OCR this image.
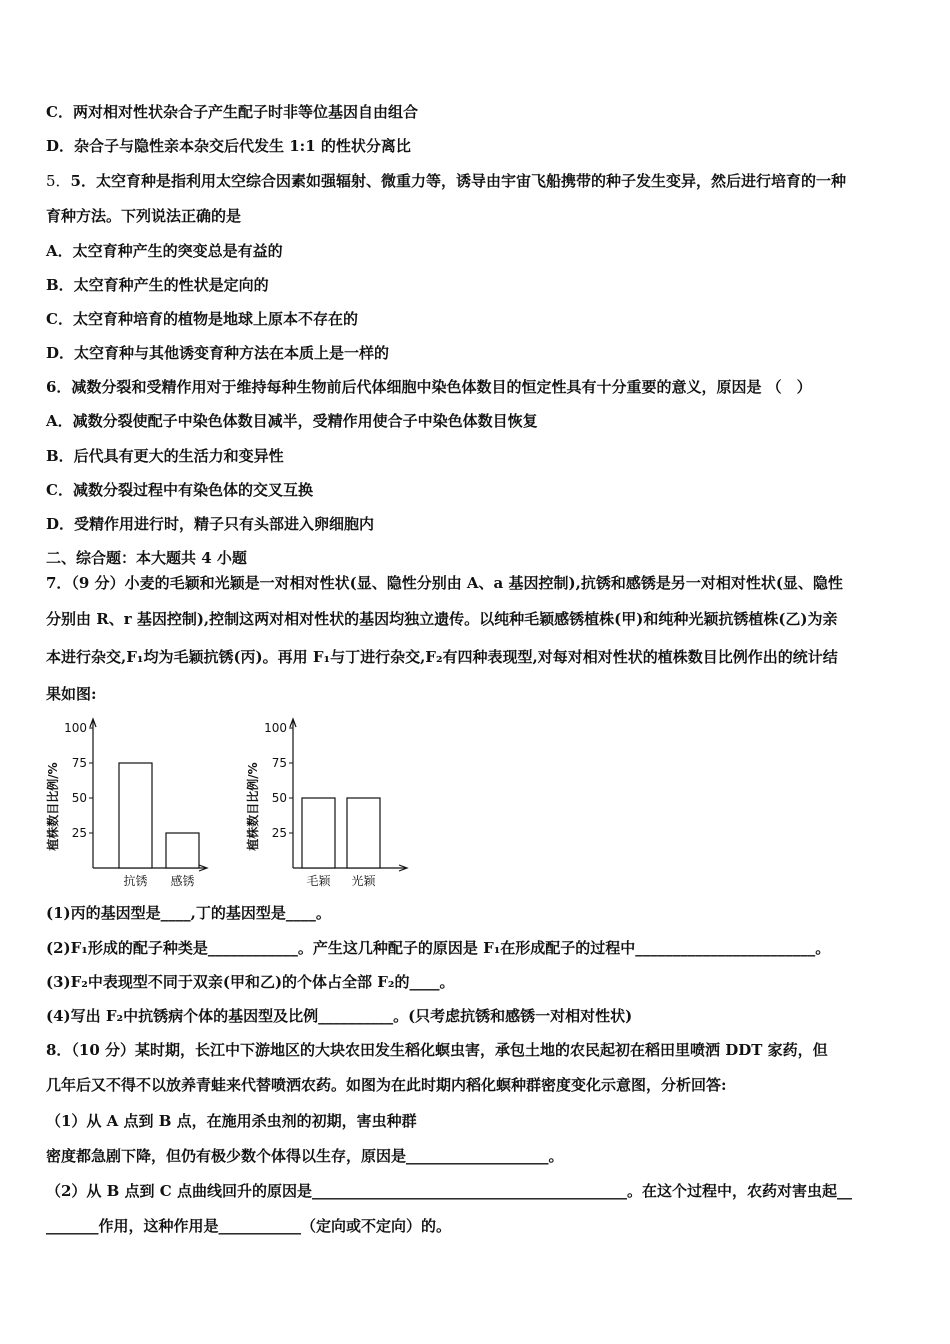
C．两对相对性状杂合子产生配子时非等位基因自由组合
D．杂合子与隐性亲本杂交后代发生 1:1 的性状分离比
5．5．太空育种是指利用太空综合因素如强辐射、微重力等，诱导由宇宙飞船携带的种子发生变异，然后进行培育的一种
育种方法。下列说法正确的是
A．太空育种产生的突变总是有益的
B．太空育种产生的性状是定向的
C．太空育种培育的植物是地球上原本不存在的
D．太空育种与其他诱变育种方法在本质上是一样的
6．减数分裂和受精作用对于维持每种生物前后代体细胞中染色体数目的恒定性具有十分重要的意义，原因是 （　）
A．减数分裂使配子中染色体数目减半，受精作用使合子中染色体数目恢复
B．后代具有更大的生活力和变异性
C．减数分裂过程中有染色体的交叉互换
D．受精作用进行时，精子只有头部进入卵细胞内
二、综合题：本大题共 4 小题
7．（9 分）小麦的毛颖和光颖是一对相对性状(显、隐性分别由 A、a 基因控制),抗锈和感锈是另一对相对性状(显、隐性
分别由 R、r 基因控制),控制这两对相对性状的基因均独立遗传。以纯种毛颖感锈植株(甲)和纯种光颖抗锈植株(乙)为亲
本进行杂交,F₁均为毛颖抗锈(丙)。再用 F₁与丁进行杂交,F₂有四种表现型,对每对相对性状的植株数目比例作出的统计结
果如图:
25
50
75
100
植株数目比例/%
抗锈 感锈
25
50
75
100
植株数目比例/%
毛颖 光颖
(1)丙的基因型是____,丁的基因型是____。
(2)F₁形成的配子种类是____________。产生这几种配子的原因是 F₁在形成配子的过程中________________________。
(3)F₂中表现型不同于双亲(甲和乙)的个体占全部 F₂的____。
(4)写出 F₂中抗锈病个体的基因型及比例__________。(只考虑抗锈和感锈一对相对性状)
8．（10 分）某时期，长江中下游地区的大块农田发生稻化螟虫害，承包土地的农民起初在稻田里喷洒 DDT 家药，但
几年后又不得不以放养青蛙来代替喷洒农药。如图为在此时期内稻化螟种群密度变化示意图，分析回答:
（1）从 A 点到 B 点，在施用杀虫剂的初期，害虫种群
密度都急剧下降，但仍有极少数个体得以生存，原因是___________________。
（2）从 B 点到 C 点曲线回升的原因是__________________________________________。在这个过程中，农药对害虫起__
_______作用，这种作用是___________（定向或不定向）的。
